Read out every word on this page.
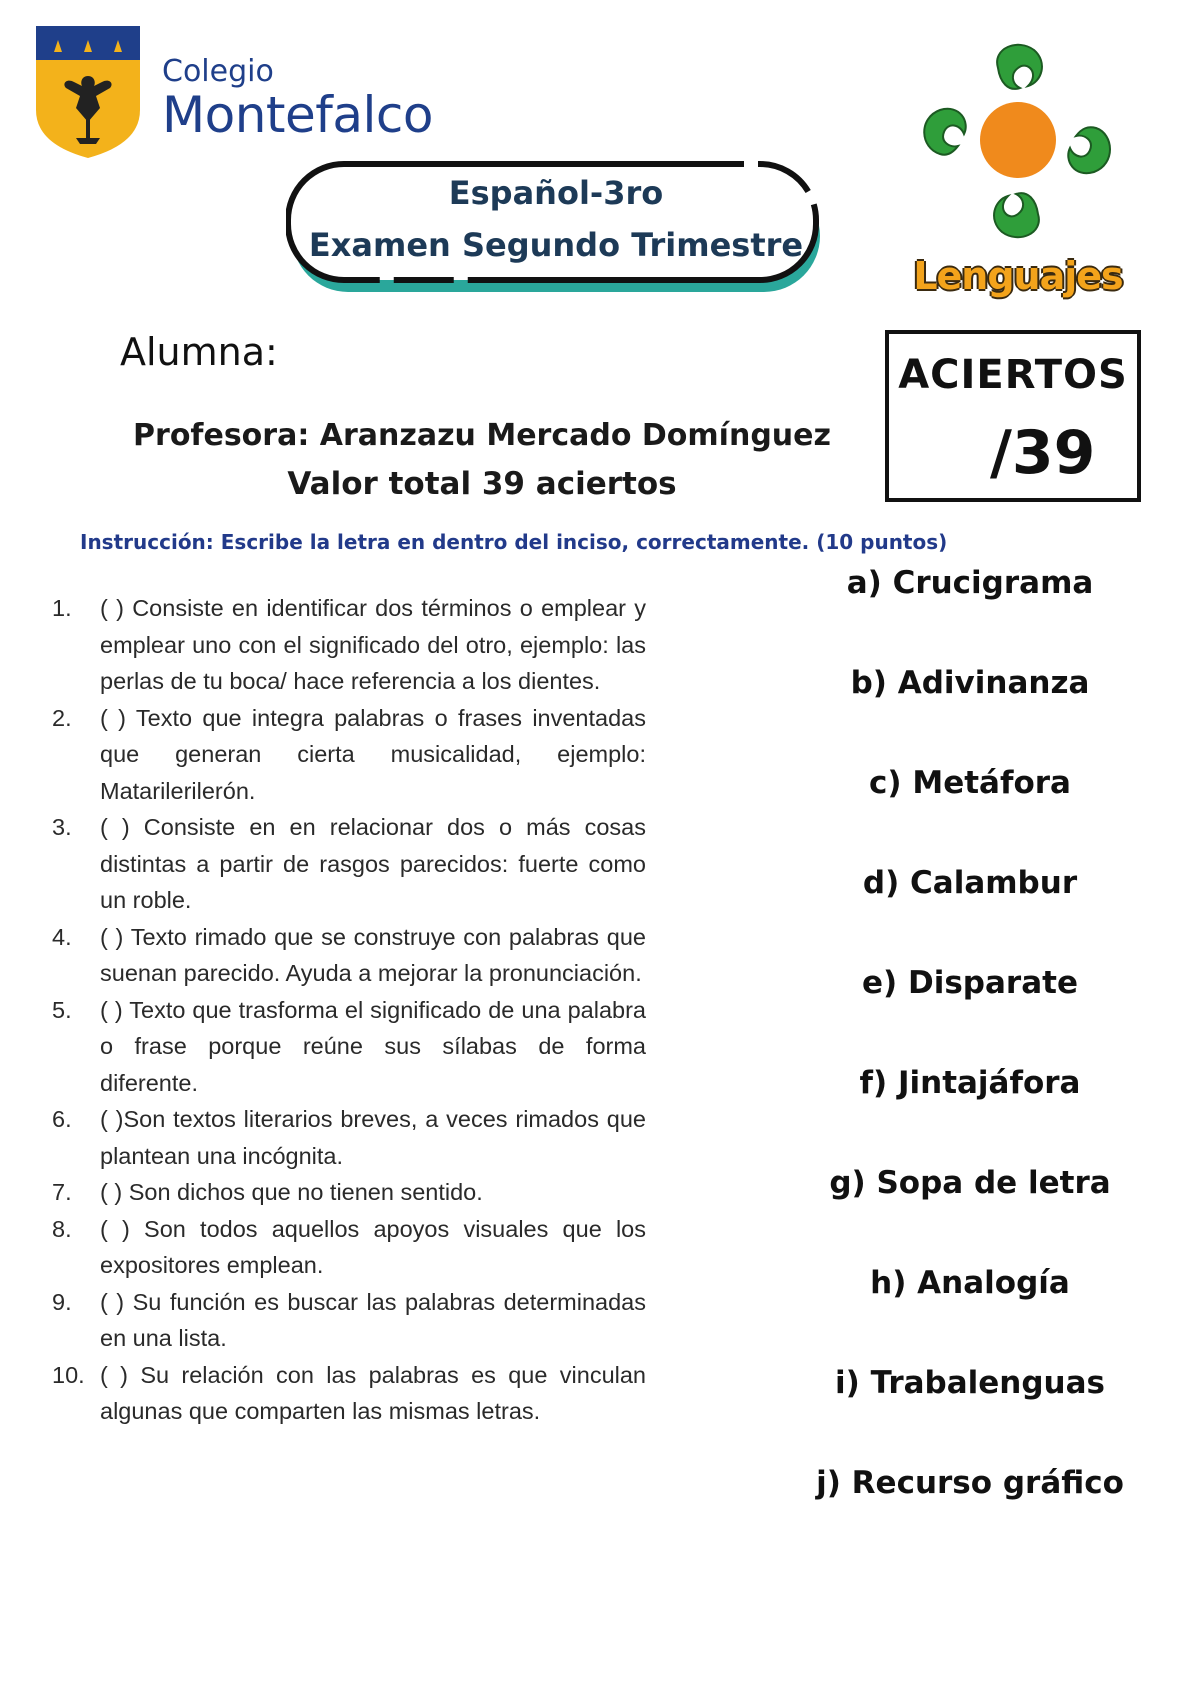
Colegio
Montefalco
Español-3ro
Examen Segundo Trimestre
Lenguajes
Alumna:
Profesora: Aranzazu Mercado Domínguez
Valor total 39 aciertos
ACIERTOS
/39
Instrucción: Escribe la letra en dentro del inciso, correctamente. (10 puntos)
1.	( ) Consiste en identificar dos términos o emplear y emplear uno con el significado del otro, ejemplo: las perlas de tu boca/ hace referencia a los dientes.
2.	( ) Texto que integra palabras o frases inventadas que generan cierta musicalidad, ejemplo: Matarilerilerón.
3.	( ) Consiste en en relacionar dos o más cosas distintas a partir de rasgos parecidos: fuerte como un roble.
4.	( ) Texto rimado que se construye con palabras que suenan parecido. Ayuda a mejorar la pronunciación.
5.	( ) Texto que trasforma el significado de una palabra o frase porque reúne sus sílabas de forma diferente.
6.	( )Son textos literarios breves, a veces rimados que plantean una incógnita.
7.	( ) Son dichos que no tienen sentido.
8.	( ) Son todos aquellos apoyos visuales que los expositores emplean.
9.	( ) Su función es buscar las palabras determinadas en una lista.
10. ( ) Su relación con las palabras es que vinculan algunas que comparten las mismas letras.
a) Crucigrama
b) Adivinanza
c) Metáfora
d) Calambur
e) Disparate
f) Jintajáfora
g) Sopa de letra
h) Analogía
i) Trabalenguas
j) Recurso gráfico
